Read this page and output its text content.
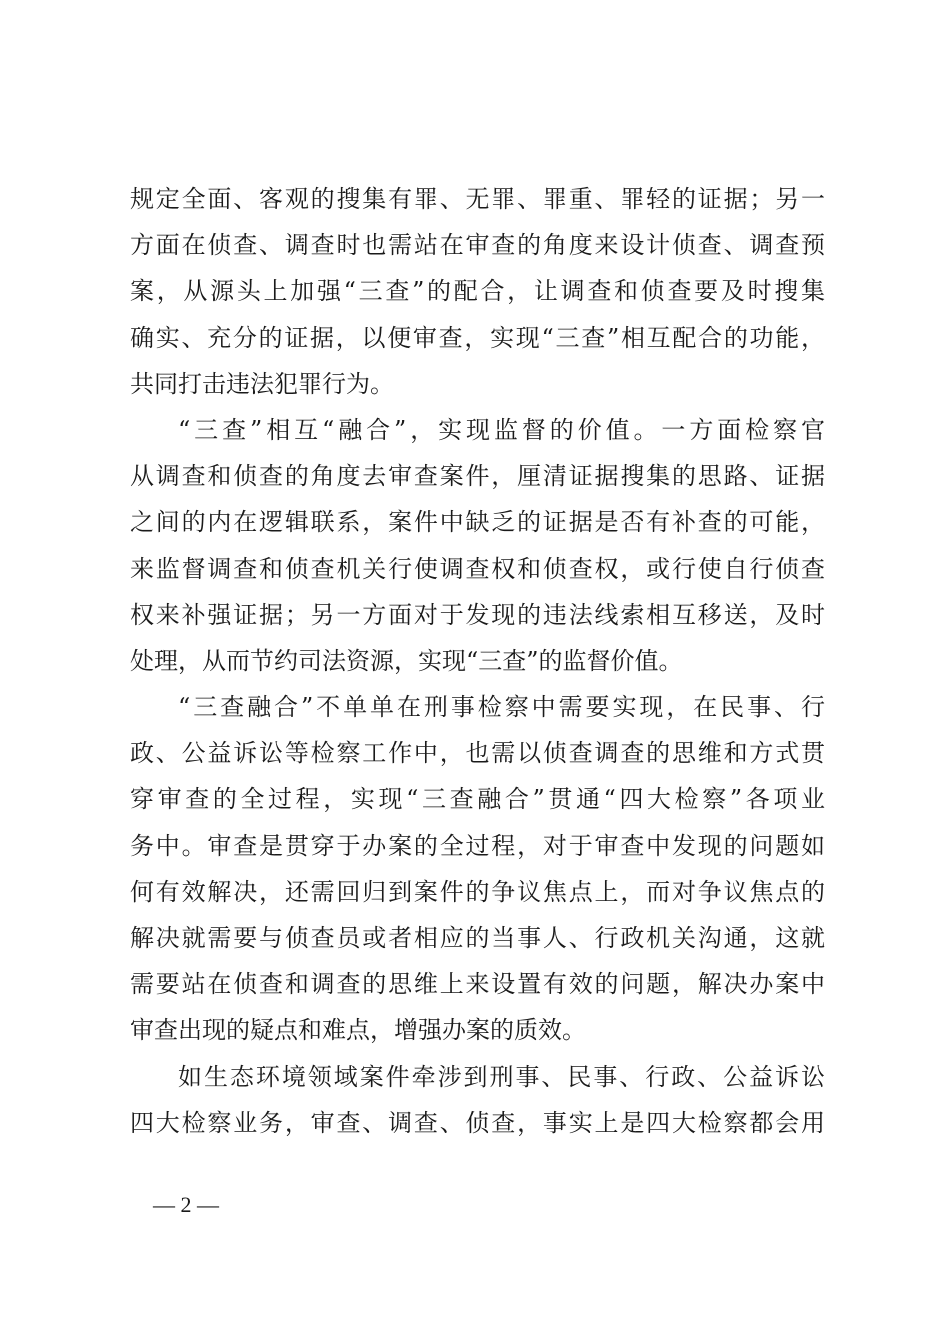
规定全面、客观的搜集有罪、无罪、罪重、罪轻的证据；另一
方面在侦查、调查时也需站在审查的角度来设计侦查、调查预
案，从源头上加强“三查”的配合，让调查和侦查要及时搜集
确实、充分的证据，以便审查，实现“三查”相互配合的功能，
共同打击违法犯罪行为。
“三查”相互“融合”，实现监督的价值。一方面检察官
从调查和侦查的角度去审查案件，厘清证据搜集的思路、证据
之间的内在逻辑联系，案件中缺乏的证据是否有补查的可能，
来监督调查和侦查机关行使调查权和侦查权，或行使自行侦查
权来补强证据；另一方面对于发现的违法线索相互移送，及时
处理，从而节约司法资源，实现“三查”的监督价值。
“三查融合”不单单在刑事检察中需要实现，在民事、行
政、公益诉讼等检察工作中，也需以侦查调查的思维和方式贯
穿审查的全过程，实现“三查融合”贯通“四大检察”各项业
务中。审查是贯穿于办案的全过程，对于审查中发现的问题如
何有效解决，还需回归到案件的争议焦点上，而对争议焦点的
解决就需要与侦查员或者相应的当事人、行政机关沟通，这就
需要站在侦查和调查的思维上来设置有效的问题，解决办案中
审查出现的疑点和难点，增强办案的质效。
如生态环境领域案件牵涉到刑事、民事、行政、公益诉讼
四大检察业务，审查、调查、侦查，事实上是四大检察都会用
— 2 —
